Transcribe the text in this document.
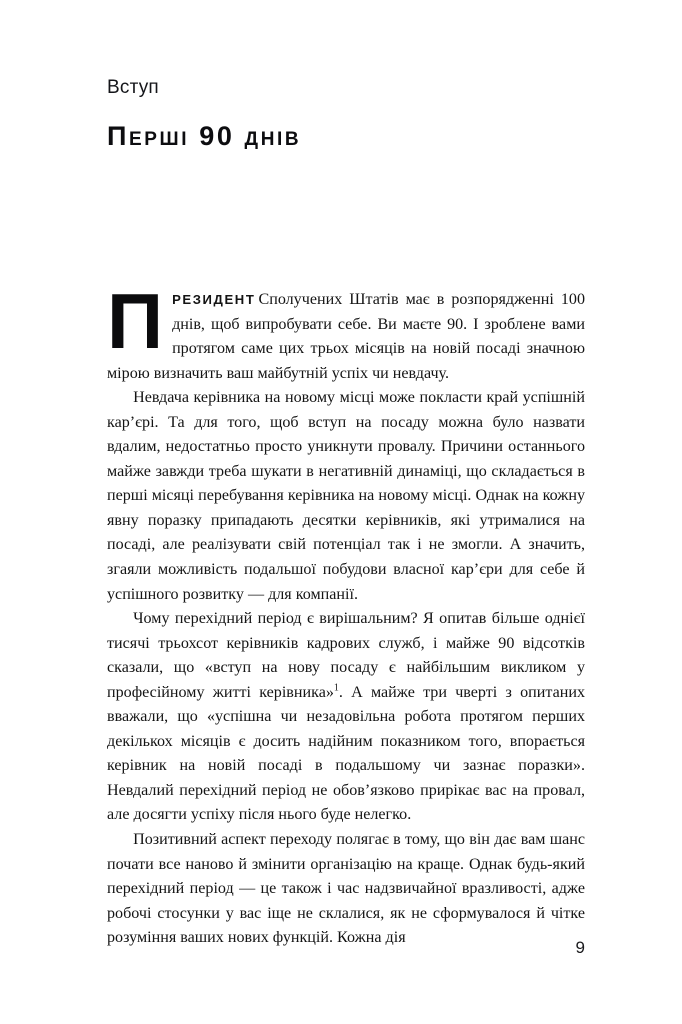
Вступ
Перші 90 днів

ПРЕЗИДЕНТ Сполучених Штатів має в розпорядженні 100 днів, щоб випробувати себе. Ви маєте 90. І зроблене вами протягом саме цих трьох місяців на новій посаді значною мірою визначить ваш майбутній успіх чи невдачу.

Невдача керівника на новому місці може покласти край успішній кар’єрі. Та для того, щоб вступ на посаду можна було назвати вдалим, недостатньо просто уникнути провалу. Причини останнього майже завжди треба шукати в негативній динаміці, що складається в перші місяці перебування керівника на новому місці. Однак на кожну явну поразку припадають десятки керівників, які утрималися на посаді, але реалізувати свій потенціал так і не змогли. А значить, згаяли можливість подальшої побудови власної кар’єри для себе й успішного розвитку — для компанії.

Чому перехідний період є вирішальним? Я опитав більше однієї тисячі трьохсот керівників кадрових служб, і майже 90 відсотків сказали, що «вступ на нову посаду є найбільшим викликом у професійному житті керівника»$^1$. А майже три чверті з опитаних вважали, що «успішна чи незадовільна робота протягом перших декількох місяців є досить надійним показником того, впорається керівник на новій посаді в подальшому чи зазнає поразки». Невдалий перехідний період не обов’язково прирікає вас на провал, але досягти успіху після нього буде нелегко.

Позитивний аспект переходу полягає в тому, що він дає вам шанс почати все наново й змінити організацію на краще. Однак будь-який перехідний період — це також і час надзвичайної вразливості, адже робочі стосунки у вас іще не склалися, як не сформувалося й чітке розуміння ваших нових функцій. Кожна дія

9
